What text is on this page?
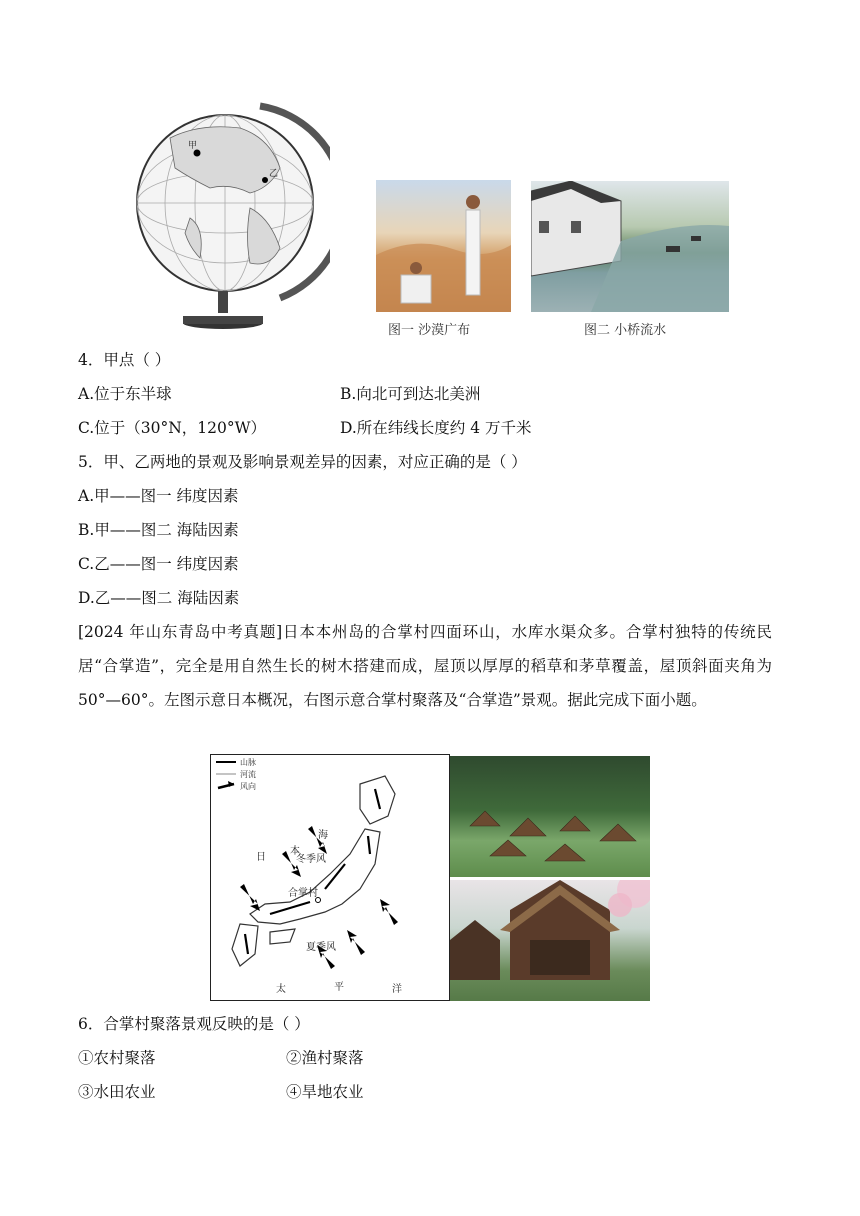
甲
乙
图一 沙漠广布	图二 小桥流水
4．甲点（ ）
A.位于东半球	B.向北可到达北美洲
C.位于（30°N，120°W）	D.所在纬线长度约 4 万千米
5．甲、乙两地的景观及影响景观差异的因素，对应正确的是（ ）
A.甲——图一 纬度因素
B.甲——图二 海陆因素
C.乙——图一 纬度因素
D.乙——图二 海陆因素
[2024 年山东青岛中考真题]日本本州岛的合掌村四面环山，水库水渠众多。合掌村独特的传统民居“合掌造”，完全是用自然生长的树木搭建而成，屋顶以厚厚的稻草和茅草覆盖，屋顶斜面夹角为 50°—60°。左图示意日本概况，右图示意合掌村聚落及“合掌造”景观。据此完成下面小题。
山脉
河流
风向
海
本
日	冬季风
合掌村
夏季风
太	平	洋
6．合掌村聚落景观反映的是（ ）
①农村聚落	②渔村聚落
③水田农业	④旱地农业
